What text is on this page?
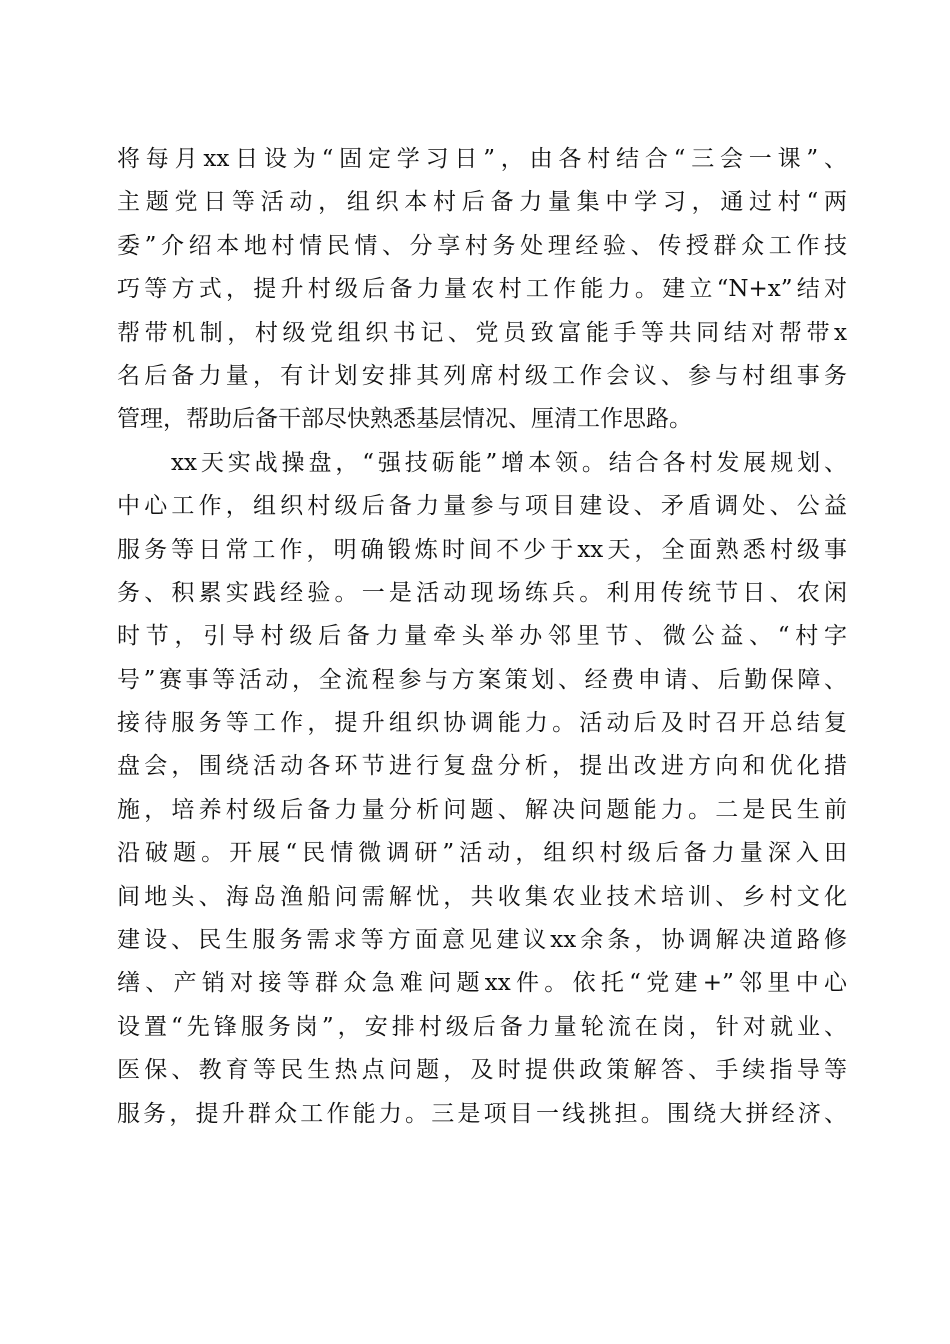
将每月xx日设为“固定学习日”，由各村结合“三会一课”、
主题党日等活动，组织本村后备力量集中学习，通过村“两
委”介绍本地村情民情、分享村务处理经验、传授群众工作技
巧等方式，提升村级后备力量农村工作能力。建立“N+x”结对
帮带机制，村级党组织书记、党员致富能手等共同结对帮带x
名后备力量，有计划安排其列席村级工作会议、参与村组事务
管理，帮助后备干部尽快熟悉基层情况、厘清工作思路。
xx天实战操盘，“强技砺能”增本领。结合各村发展规划、
中心工作，组织村级后备力量参与项目建设、矛盾调处、公益
服务等日常工作，明确锻炼时间不少于xx天，全面熟悉村级事
务、积累实践经验。一是活动现场练兵。利用传统节日、农闲
时节，引导村级后备力量牵头举办邻里节、微公益、“村字
号”赛事等活动，全流程参与方案策划、经费申请、后勤保障、
接待服务等工作，提升组织协调能力。活动后及时召开总结复
盘会，围绕活动各环节进行复盘分析，提出改进方向和优化措
施，培养村级后备力量分析问题、解决问题能力。二是民生前
沿破题。开展“民情微调研”活动，组织村级后备力量深入田
间地头、海岛渔船问需解忧，共收集农业技术培训、乡村文化
建设、民生服务需求等方面意见建议xx余条，协调解决道路修
缮、产销对接等群众急难问题xx件。依托“党建+”邻里中心
设置“先锋服务岗”，安排村级后备力量轮流在岗，针对就业、
医保、教育等民生热点问题，及时提供政策解答、手续指导等
服务，提升群众工作能力。三是项目一线挑担。围绕大拼经济、
